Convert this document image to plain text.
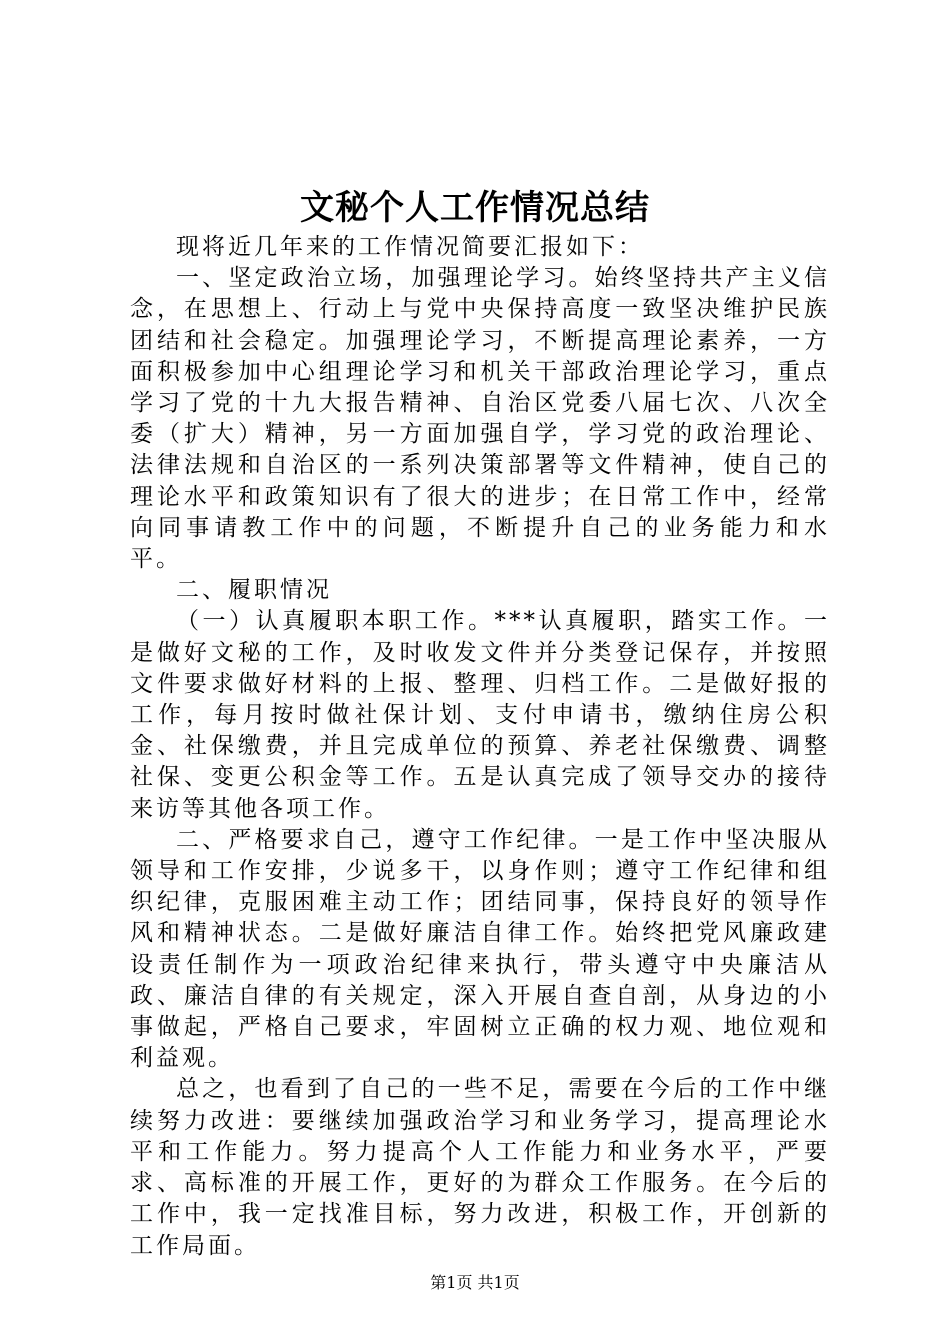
文秘个人工作情况总结

现将近几年来的工作情况简要汇报如下：

一、坚定政治立场，加强理论学习。始终坚持共产主义信念，在思想上、行动上与党中央保持高度一致坚决维护民族团结和社会稳定。加强理论学习，不断提高理论素养，一方面积极参加中心组理论学习和机关干部政治理论学习，重点学习了党的十九大报告精神、自治区党委八届七次、八次全委（扩大）精神，另一方面加强自学，学习党的政治理论、法律法规和自治区的一系列决策部署等文件精神，使自己的理论水平和政策知识有了很大的进步；在日常工作中，经常向同事请教工作中的问题，不断提升自己的业务能力和水平。

二、履职情况

（一）认真履职本职工作。***认真履职，踏实工作。一是做好文秘的工作，及时收发文件并分类登记保存，并按照文件要求做好材料的上报、整理、归档工作。二是做好报的工作，每月按时做社保计划、支付申请书，缴纳住房公积金、社保缴费，并且完成单位的预算、养老社保缴费、调整社保、变更公积金等工作。五是认真完成了领导交办的接待来访等其他各项工作。

二、严格要求自己，遵守工作纪律。一是工作中坚决服从领导和工作安排，少说多干，以身作则；遵守工作纪律和组织纪律，克服困难主动工作；团结同事，保持良好的领导作风和精神状态。二是做好廉洁自律工作。始终把党风廉政建设责任制作为一项政治纪律来执行，带头遵守中央廉洁从政、廉洁自律的有关规定，深入开展自查自剖，从身边的小事做起，严格自己要求，牢固树立正确的权力观、地位观和利益观。

总之，也看到了自己的一些不足，需要在今后的工作中继续努力改进：要继续加强政治学习和业务学习，提高理论水平和工作能力。努力提高个人工作能力和业务水平，严要求、高标准的开展工作，更好的为群众工作服务。在今后的工作中，我一定找准目标，努力改进，积极工作，开创新的工作局面。

第1页 共1页
